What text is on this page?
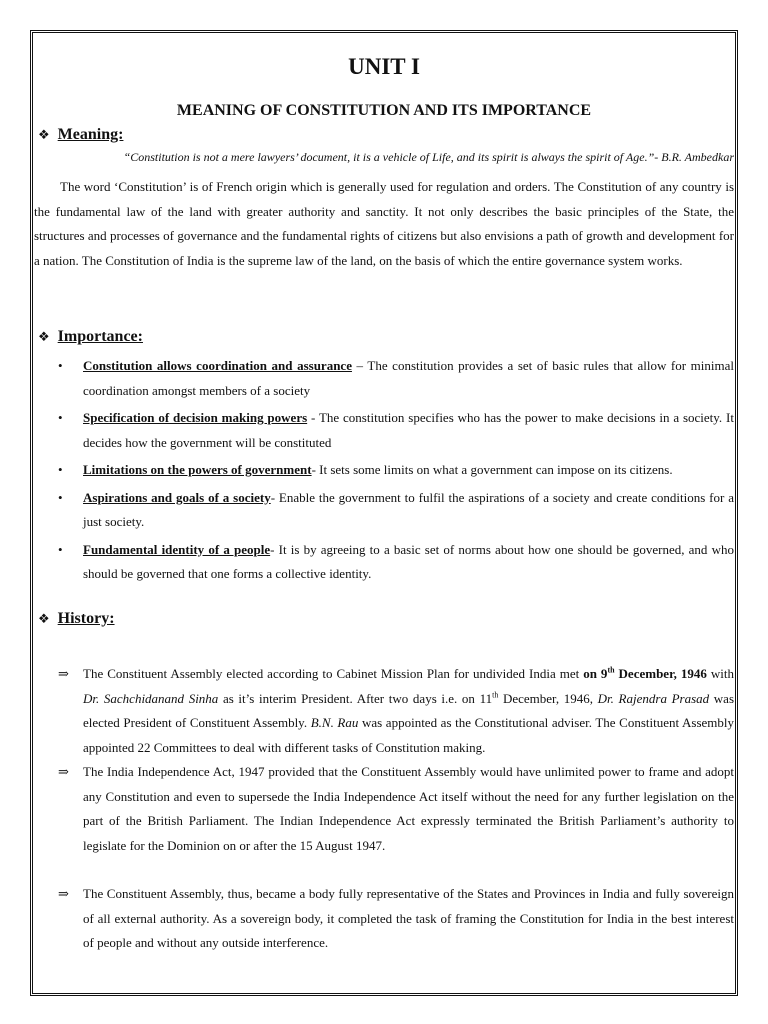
UNIT I
MEANING OF CONSTITUTION AND ITS IMPORTANCE
❖ Meaning:

“Constitution is not a mere lawyers’ document, it is a vehicle of Life, and its spirit is always the spirit of Age.”- B.R. Ambedkar

The word ‘Constitution’ is of French origin which is generally used for regulation and orders. The Constitution of any country is the fundamental law of the land with greater authority and sanctity. It not only describes the basic principles of the State, the structures and processes of governance and the fundamental rights of citizens but also envisions a path of growth and development for a nation. The Constitution of India is the supreme law of the land, on the basis of which the entire governance system works.

❖ Importance:
• Constitution allows coordination and assurance – The constitution provides a set of basic rules that allow for minimal coordination amongst members of a society
• Specification of decision making powers - The constitution specifies who has the power to make decisions in a society. It decides how the government will be constituted
• Limitations on the powers of government- It sets some limits on what a government can impose on its citizens.
• Aspirations and goals of a society- Enable the government to fulfil the aspirations of a society and create conditions for a just society.
• Fundamental identity of a people- It is by agreeing to a basic set of norms about how one should be governed, and who should be governed that one forms a collective identity.
❖ History:
⇒ The Constituent Assembly elected according to Cabinet Mission Plan for undivided India met on 9th December, 1946 with Dr. Sachchidanand Sinha as it’s interim President. After two days i.e. on 11th December, 1946, Dr. Rajendra Prasad was elected President of Constituent Assembly. B.N. Rau was appointed as the Constitutional adviser. The Constituent Assembly appointed 22 Committees to deal with different tasks of Constitution making.
⇒ The India Independence Act, 1947 provided that the Constituent Assembly would have unlimited power to frame and adopt any Constitution and even to supersede the India Independence Act itself without the need for any further legislation on the part of the British Parliament. The Indian Independence Act expressly terminated the British Parliament’s authority to legislate for the Dominion on or after the 15 August 1947.
⇒ The Constituent Assembly, thus, became a body fully representative of the States and Provinces in India and fully sovereign of all external authority. As a sovereign body, it completed the task of framing the Constitution for India in the best interest of people and without any outside interference.
